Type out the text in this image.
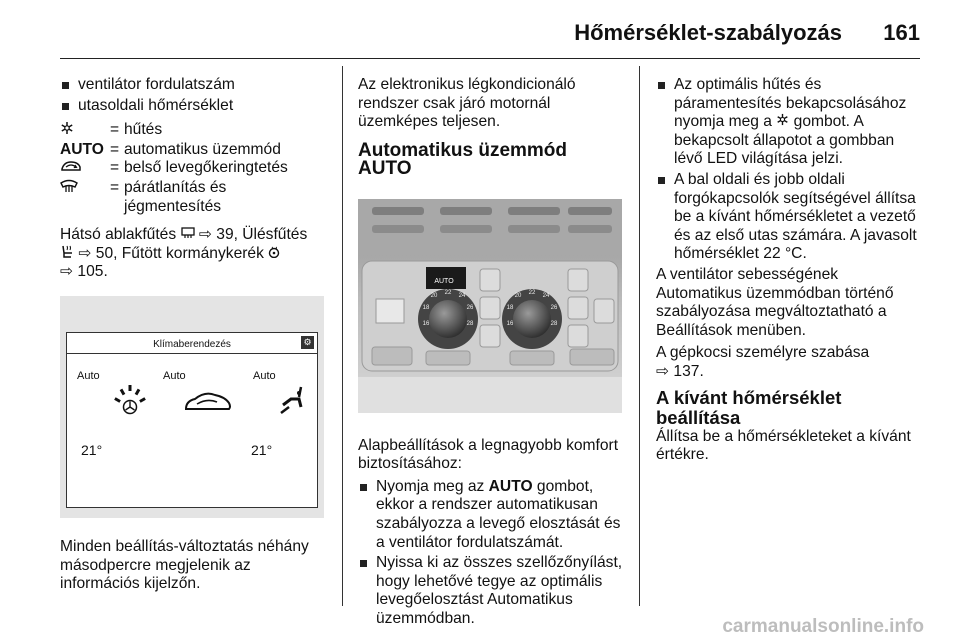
Hőmérséklet-szabályozás 161
ventilátor fordulatszám
utasoldali hőmérséklet
= hűtés
AUTO = automatikus üzemmód
= belső levegőkeringtetés
= párátlanítás és jégmentesítés
Hátsó ablakfűtés ⇨ 39, Ülésfűtés
⇨ 50, Fűtött kormánykerék
⇨ 105.
Klímaberendezés	⚙
Auto	Auto	Auto
21°	21°
Minden beállítás-változtatás néhány másodpercre megjelenik az információs kijelzőn.
Az elektronikus légkondicionáló rendszer csak járó motornál üzemképes teljesen.
Automatikus üzemmód AUTO
AUTO
16
18
20 22 24
26
28	16
18
20 22 24
26
28
Alapbeállítások a legnagyobb komfort biztosításához:
Nyomja meg az AUTO gombot, ekkor a rendszer automatikusan szabályozza a levegő elosztását és a ventilátor fordulatszámát.
Nyissa ki az összes szellőzőnyílást, hogy lehetővé tegye az optimális levegőelosztást Automatikus üzemmódban.
Az optimális hűtés és páramentesítés bekapcsolásához nyomja meg a gombot. A bekapcsolt állapotot a gombban lévő LED világítása jelzi.
A bal oldali és jobb oldali forgókapcsolók segítségével állítsa be a kívánt hőmérsékletet a vezető és az első utas számára. A javasolt hőmérséklet 22 °C.
A ventilátor sebességének Automatikus üzemmódban történő szabályozása megváltoztatható a Beállítások menüben.
A gépkocsi személyre szabása
⇨ 137.
A kívánt hőmérséklet beállítása
Állítsa be a hőmérsékleteket a kívánt értékre.
carmanualsonline.info
